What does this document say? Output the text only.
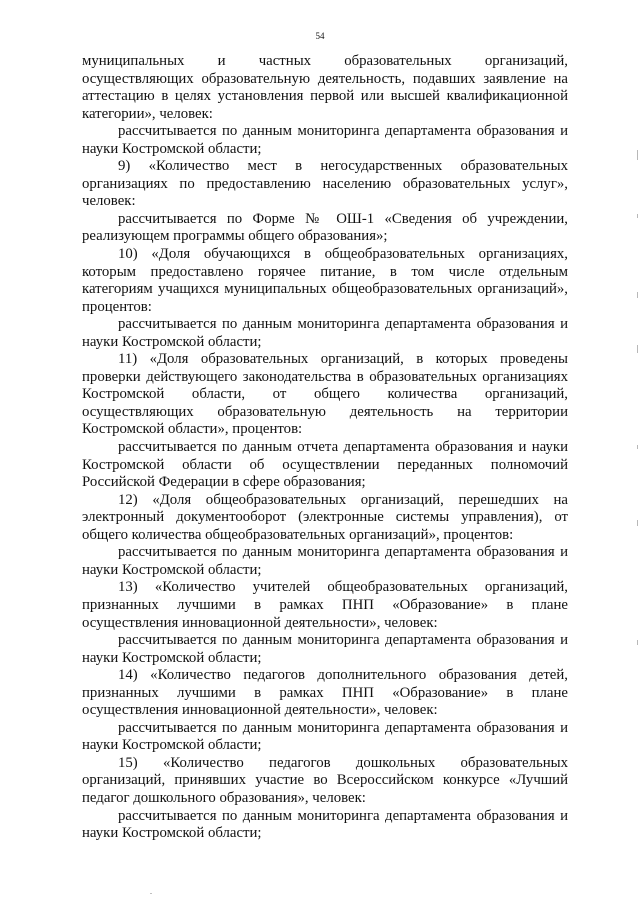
54
муниципальных и частных образовательных организаций,
осуществляющих образовательную деятельность, подавших заявление на
аттестацию в целях установления первой или высшей квалификационной
категории», человек:
рассчитывается по данным мониторинга департамента образования и
науки Костромской области;
9) «Количество мест в негосударственных образовательных
организациях по предоставлению населению образовательных услуг»,
человек:
рассчитывается по Форме № ОШ-1 «Сведения об учреждении,
реализующем программы общего образования»;
10) «Доля обучающихся в общеобразовательных организациях,
которым предоставлено горячее питание, в том числе отдельным
категориям учащихся муниципальных общеобразовательных организаций»,
процентов:
рассчитывается по данным мониторинга департамента образования и
науки Костромской области;
11) «Доля образовательных организаций, в которых проведены
проверки действующего законодательства в образовательных организациях
Костромской области, от общего количества организаций,
осуществляющих образовательную деятельность на территории
Костромской области», процентов:
рассчитывается по данным отчета департамента образования и науки
Костромской области об осуществлении переданных полномочий
Российской Федерации в сфере образования;
12) «Доля общеобразовательных организаций, перешедших на
электронный документооборот (электронные системы управления), от
общего количества общеобразовательных организаций», процентов:
рассчитывается по данным мониторинга департамента образования и
науки Костромской области;
13) «Количество учителей общеобразовательных организаций,
признанных лучшими в рамках ПНП «Образование» в плане
осуществления инновационной деятельности», человек:
рассчитывается по данным мониторинга департамента образования и
науки Костромской области;
14) «Количество педагогов дополнительного образования детей,
признанных лучшими в рамках ПНП «Образование» в плане
осуществления инновационной деятельности», человек:
рассчитывается по данным мониторинга департамента образования и
науки Костромской области;
15) «Количество педагогов дошкольных образовательных
организаций, принявших участие во Всероссийском конкурсе «Лучший
педагог дошкольного образования», человек:
рассчитывается по данным мониторинга департамента образования и
науки Костромской области;
